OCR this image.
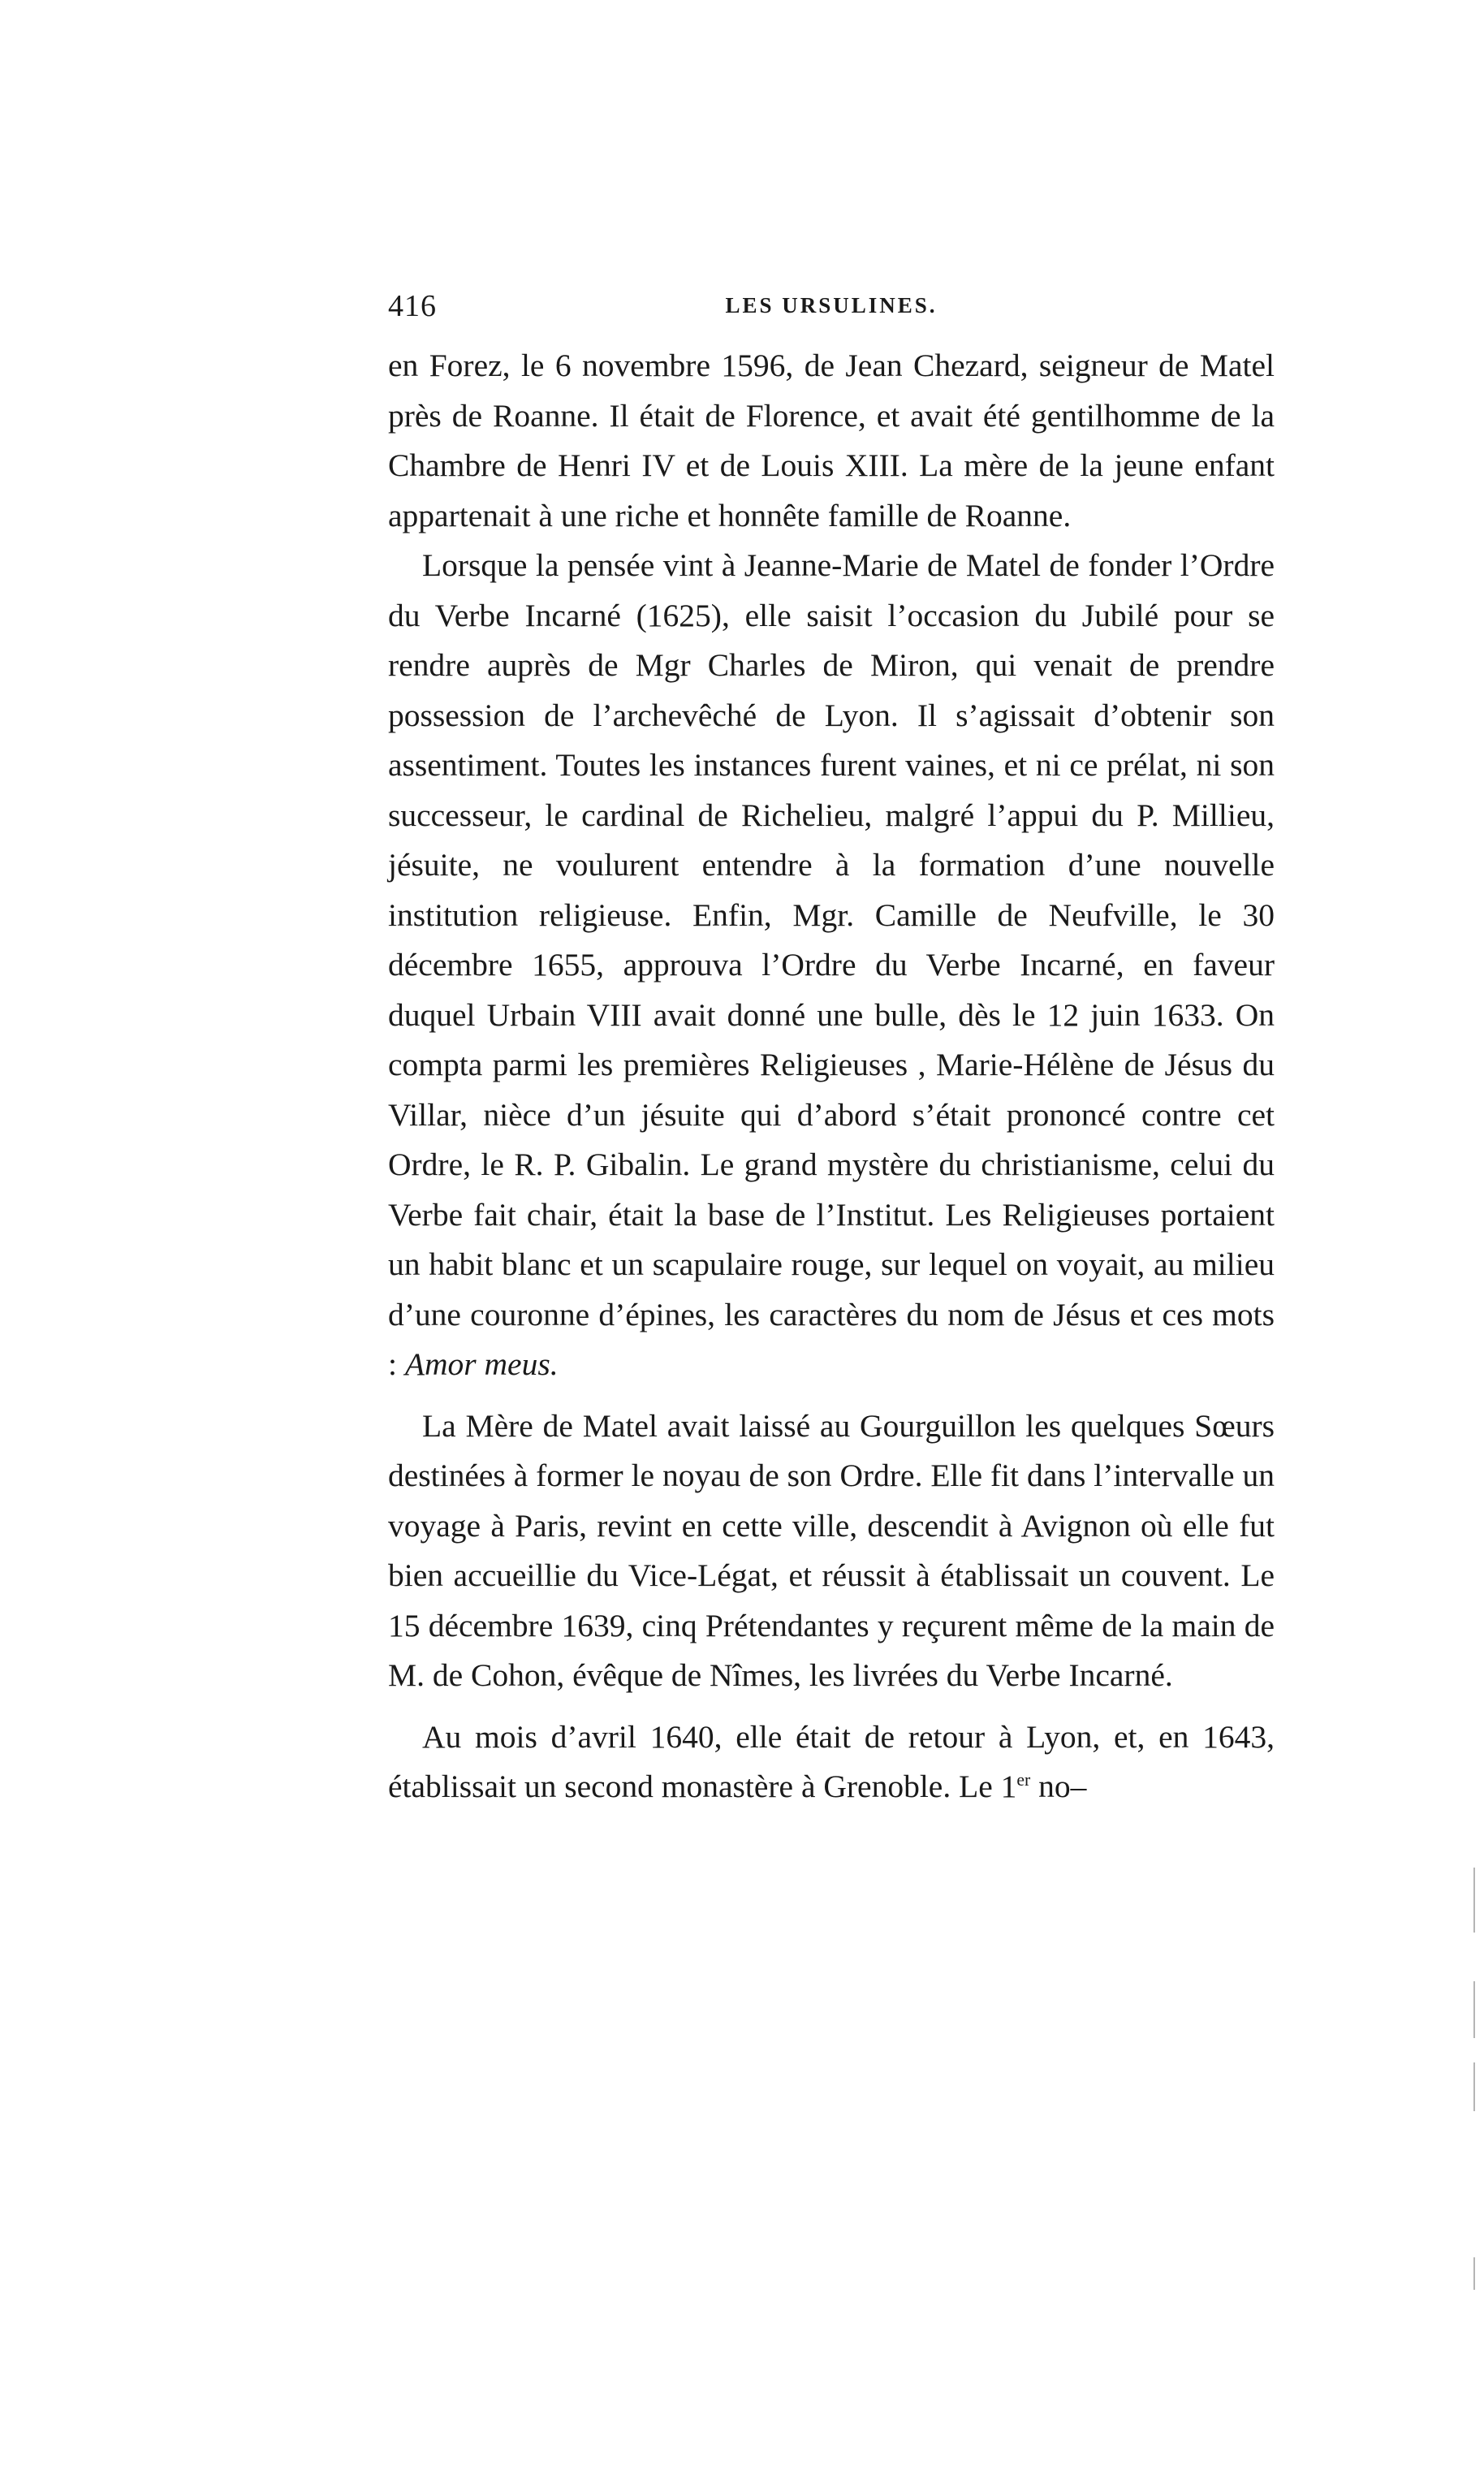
416	LES URSULINES.

en Forez, le 6 novembre 1596, de Jean Chezard, seigneur de Matel près de Roanne. Il était de Florence, et avait été gentilhomme de la Chambre de Henri IV et de Louis XIII. La mère de la jeune enfant appartenait à une riche et honnête famille de Roanne.

Lorsque la pensée vint à Jeanne-Marie de Matel de fonder l’Ordre du Verbe Incarné (1625), elle saisit l’occasion du Jubilé pour se rendre auprès de Mgr Charles de Miron, qui venait de prendre possession de l’archevêché de Lyon. Il s’agissait d’obtenir son assentiment. Toutes les instances furent vaines, et ni ce prélat, ni son successeur, le cardinal de Richelieu, malgré l’appui du P. Millieu, jésuite, ne voulurent entendre à la formation d’une nouvelle institution religieuse. Enfin, Mgr. Camille de Neufville, le 30 décembre 1655, approuva l’Ordre du Verbe Incarné, en faveur duquel Urbain VIII avait donné une bulle, dès le 12 juin 1633. On compta parmi les premières Religieuses , Marie-Hélène de Jésus du Villar, nièce d’un jésuite qui d’abord s’était prononcé contre cet Ordre, le R. P. Gibalin. Le grand mystère du christianisme, celui du Verbe fait chair, était la base de l’Institut. Les Religieuses portaient un habit blanc et un scapulaire rouge, sur lequel on voyait, au milieu d’une couronne d’épines, les caractères du nom de Jésus et ces mots : Amor meus.

La Mère de Matel avait laissé au Gourguillon les quelques Sœurs destinées à former le noyau de son Ordre. Elle fit dans l’intervalle un voyage à Paris, revint en cette ville, descendit à Avignon où elle fut bien accueillie du Vice-Légat, et réussit à établissait un couvent. Le 15 décembre 1639, cinq Prétendantes y reçurent même de la main de M. de Cohon, évêque de Nîmes, les livrées du Verbe Incarné.

Au mois d’avril 1640, elle était de retour à Lyon, et, en 1643, établissait un second monastère à Grenoble. Le 1er no–
